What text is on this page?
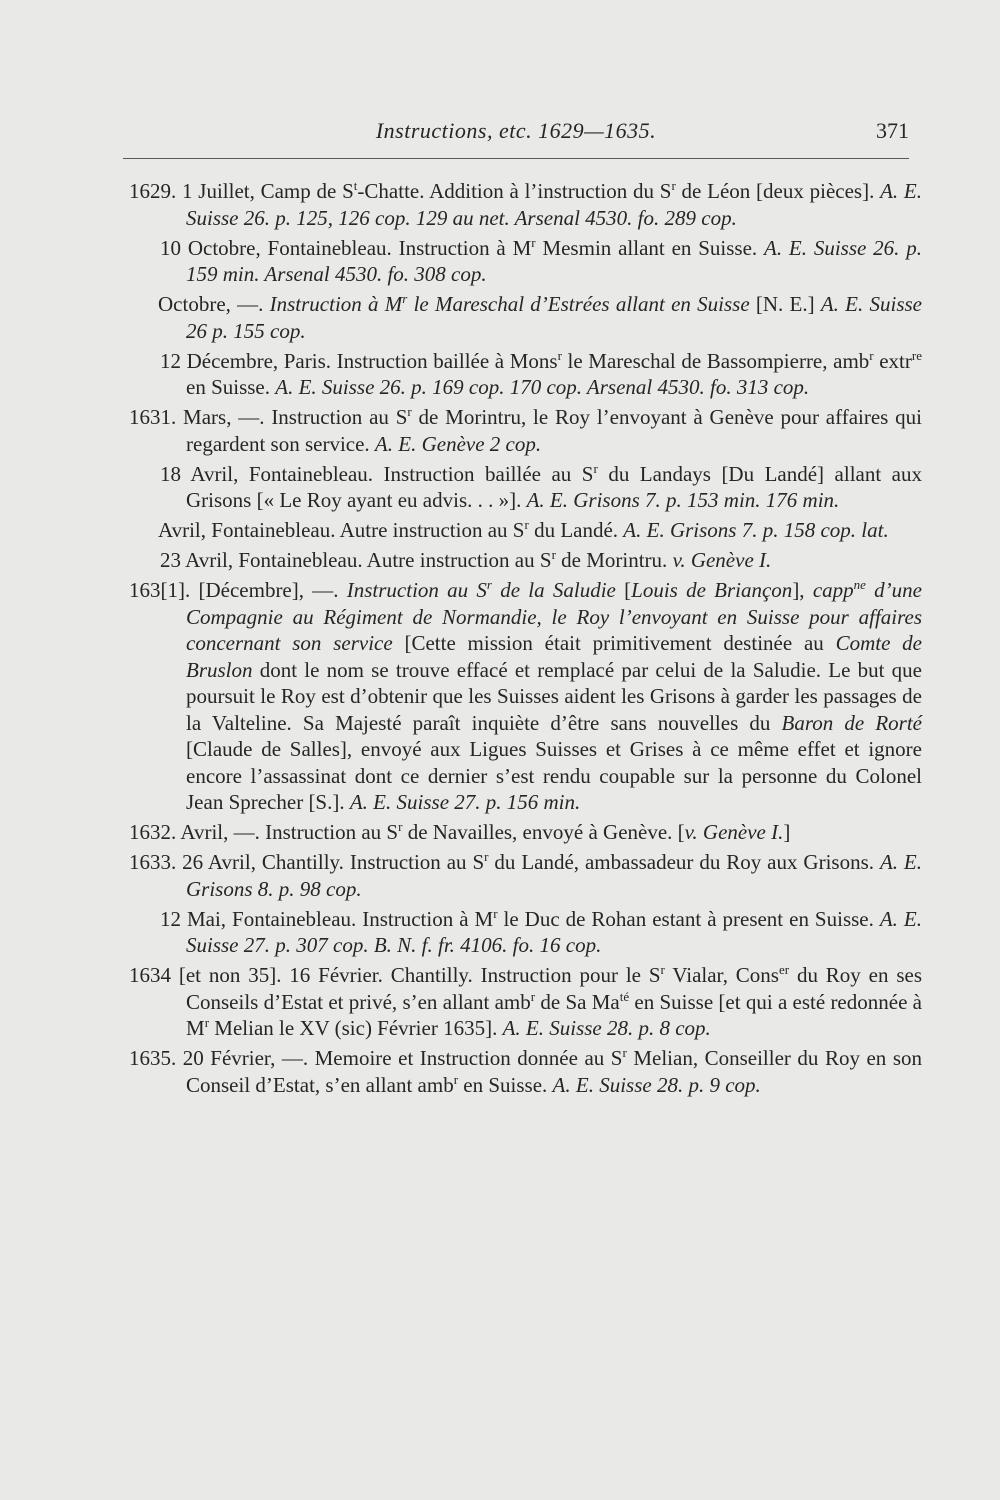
Instructions, etc. 1629—1635.	371
1629. 1 Juillet, Camp de $S^t$-Chatte. Addition à l’instruction du $S^r$ de Léon [deux pièces]. A. E. Suisse 26. p. 125, 126 cop. 129 au net. Arsenal 4530. fo. 289 cop.
10 Octobre, Fontainebleau. Instruction à $M^r$ Mesmin allant en Suisse. A. E. Suisse 26. p. 159 min. Arsenal 4530. fo. 308 cop.
Octobre, —. Instruction à $M^r$ le Mareschal d’Estrées allant en Suisse [N. E.] A. E. Suisse 26 p. 155 cop.
12 Décembre, Paris. Instruction baillée à Mons$^r$ le Mareschal de Bassompierre, amb$^r$ extr$^{re}$ en Suisse. A. E. Suisse 26. p. 169 cop. 170 cop. Arsenal 4530. fo. 313 cop.
1631. Mars, —. Instruction au $S^r$ de Morintru, le Roy l’envoyant à Genève pour affaires qui regardent son service. A. E. Genève 2 cop.
18 Avril, Fontainebleau. Instruction baillée au $S^r$ du Landays [Du Landé] allant aux Grisons [« Le Roy ayant eu advis. . . »]. A. E. Grisons 7. p. 153 min. 176 min.
Avril, Fontainebleau. Autre instruction au $S^r$ du Landé. A. E. Grisons 7. p. 158 cop. lat.
23 Avril, Fontainebleau. Autre instruction au $S^r$ de Morintru. v. Genève I.
163[1]. [Décembre], —. Instruction au $S^r$ de la Saludie [Louis de Briançon], capp$^{ne}$ d’une Compagnie au Régiment de Normandie, le Roy l’envoyant en Suisse pour affaires concernant son service [Cette mission était primitivement destinée au Comte de Bruslon dont le nom se trouve effacé et remplacé par celui de la Saludie. Le but que poursuit le Roy est d’obtenir que les Suisses aident les Grisons à garder les passages de la Valteline. Sa Majesté paraît inquiète d’être sans nouvelles du Baron de Rorté [Claude de Salles], envoyé aux Ligues Suisses et Grises à ce même effet et ignore encore l’assassinat dont ce dernier s’est rendu coupable sur la personne du Colonel Jean Sprecher [S.]. A. E. Suisse 27. p. 156 min.
1632. Avril, —. Instruction au $S^r$ de Navailles, envoyé à Genève. [v. Genève I.]
1633. 26 Avril, Chantilly. Instruction au $S^r$ du Landé, ambassadeur du Roy aux Grisons. A. E. Grisons 8. p. 98 cop.
12 Mai, Fontainebleau. Instruction à $M^r$ le Duc de Rohan estant à present en Suisse. A. E. Suisse 27. p. 307 cop. B. N. f. fr. 4106. fo. 16 cop.
1634 [et non 35]. 16 Février. Chantilly. Instruction pour le $S^r$ Vialar, Cons$^{er}$ du Roy en ses Conseils d’Estat et privé, s’en allant amb$^r$ de Sa $Ma^{té}$ en Suisse [et qui a esté redonnée à $M^r$ Melian le XV (sic) Février 1635]. A. E. Suisse 28. p. 8 cop.
1635. 20 Février, —. Memoire et Instruction donnée au $S^r$ Melian, Conseiller du Roy en son Conseil d’Estat, s’en allant amb$^r$ en Suisse. A. E. Suisse 28. p. 9 cop.
